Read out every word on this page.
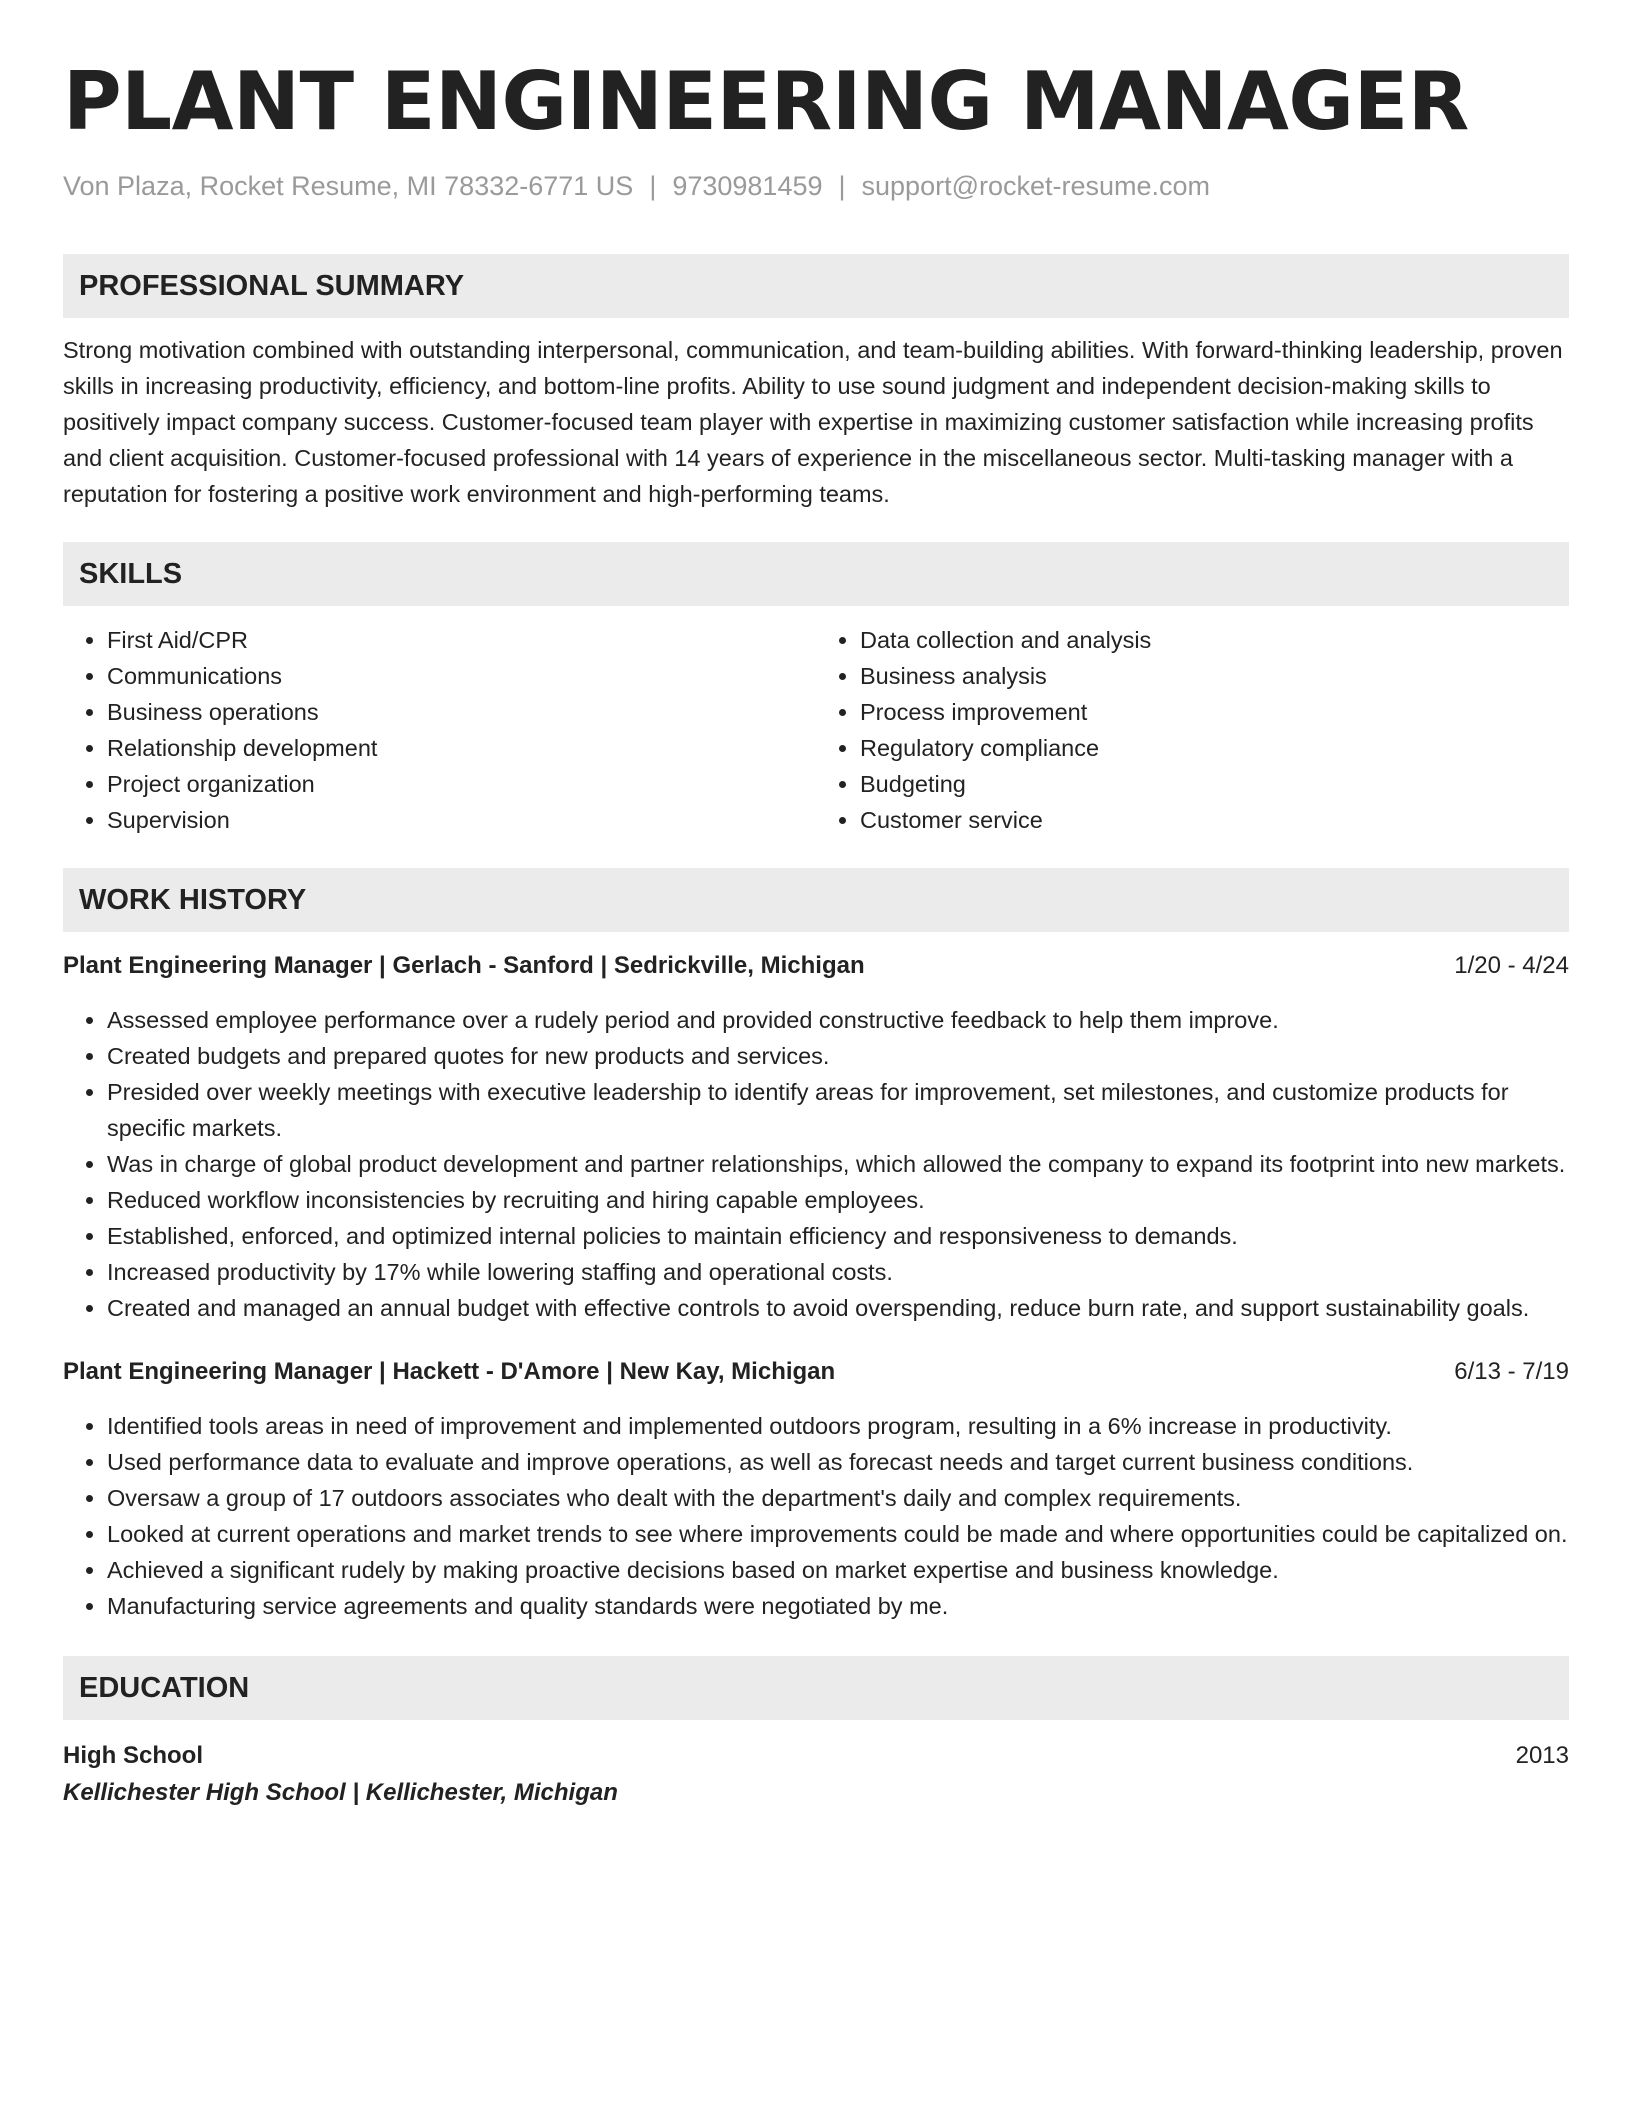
PLANT ENGINEERING MANAGER
Von Plaza, Rocket Resume, MI 78332-6771 US | 9730981459 | support@rocket-resume.com
PROFESSIONAL SUMMARY
Strong motivation combined with outstanding interpersonal, communication, and team-building abilities. With forward-thinking leadership, proven skills in increasing productivity, efficiency, and bottom-line profits. Ability to use sound judgment and independent decision-making skills to positively impact company success. Customer-focused team player with expertise in maximizing customer satisfaction while increasing profits and client acquisition. Customer-focused professional with 14 years of experience in the miscellaneous sector. Multi-tasking manager with a reputation for fostering a positive work environment and high-performing teams.
SKILLS
• First Aid/CPR
• Communications
• Business operations
• Relationship development
• Project organization
• Supervision
• Data collection and analysis
• Business analysis
• Process improvement
• Regulatory compliance
• Budgeting
• Customer service
WORK HISTORY
Plant Engineering Manager | Gerlach - Sanford | Sedrickville, Michigan	1/20 - 4/24
• Assessed employee performance over a rudely period and provided constructive feedback to help them improve.
• Created budgets and prepared quotes for new products and services.
• Presided over weekly meetings with executive leadership to identify areas for improvement, set milestones, and customize products for specific markets.
• Was in charge of global product development and partner relationships, which allowed the company to expand its footprint into new markets.
• Reduced workflow inconsistencies by recruiting and hiring capable employees.
• Established, enforced, and optimized internal policies to maintain efficiency and responsiveness to demands.
• Increased productivity by 17% while lowering staffing and operational costs.
• Created and managed an annual budget with effective controls to avoid overspending, reduce burn rate, and support sustainability goals.
Plant Engineering Manager | Hackett - D'Amore | New Kay, Michigan	6/13 - 7/19
• Identified tools areas in need of improvement and implemented outdoors program, resulting in a 6% increase in productivity.
• Used performance data to evaluate and improve operations, as well as forecast needs and target current business conditions.
• Oversaw a group of 17 outdoors associates who dealt with the department's daily and complex requirements.
• Looked at current operations and market trends to see where improvements could be made and where opportunities could be capitalized on.
• Achieved a significant rudely by making proactive decisions based on market expertise and business knowledge.
• Manufacturing service agreements and quality standards were negotiated by me.
EDUCATION
High School	2013
Kellichester High School | Kellichester, Michigan
